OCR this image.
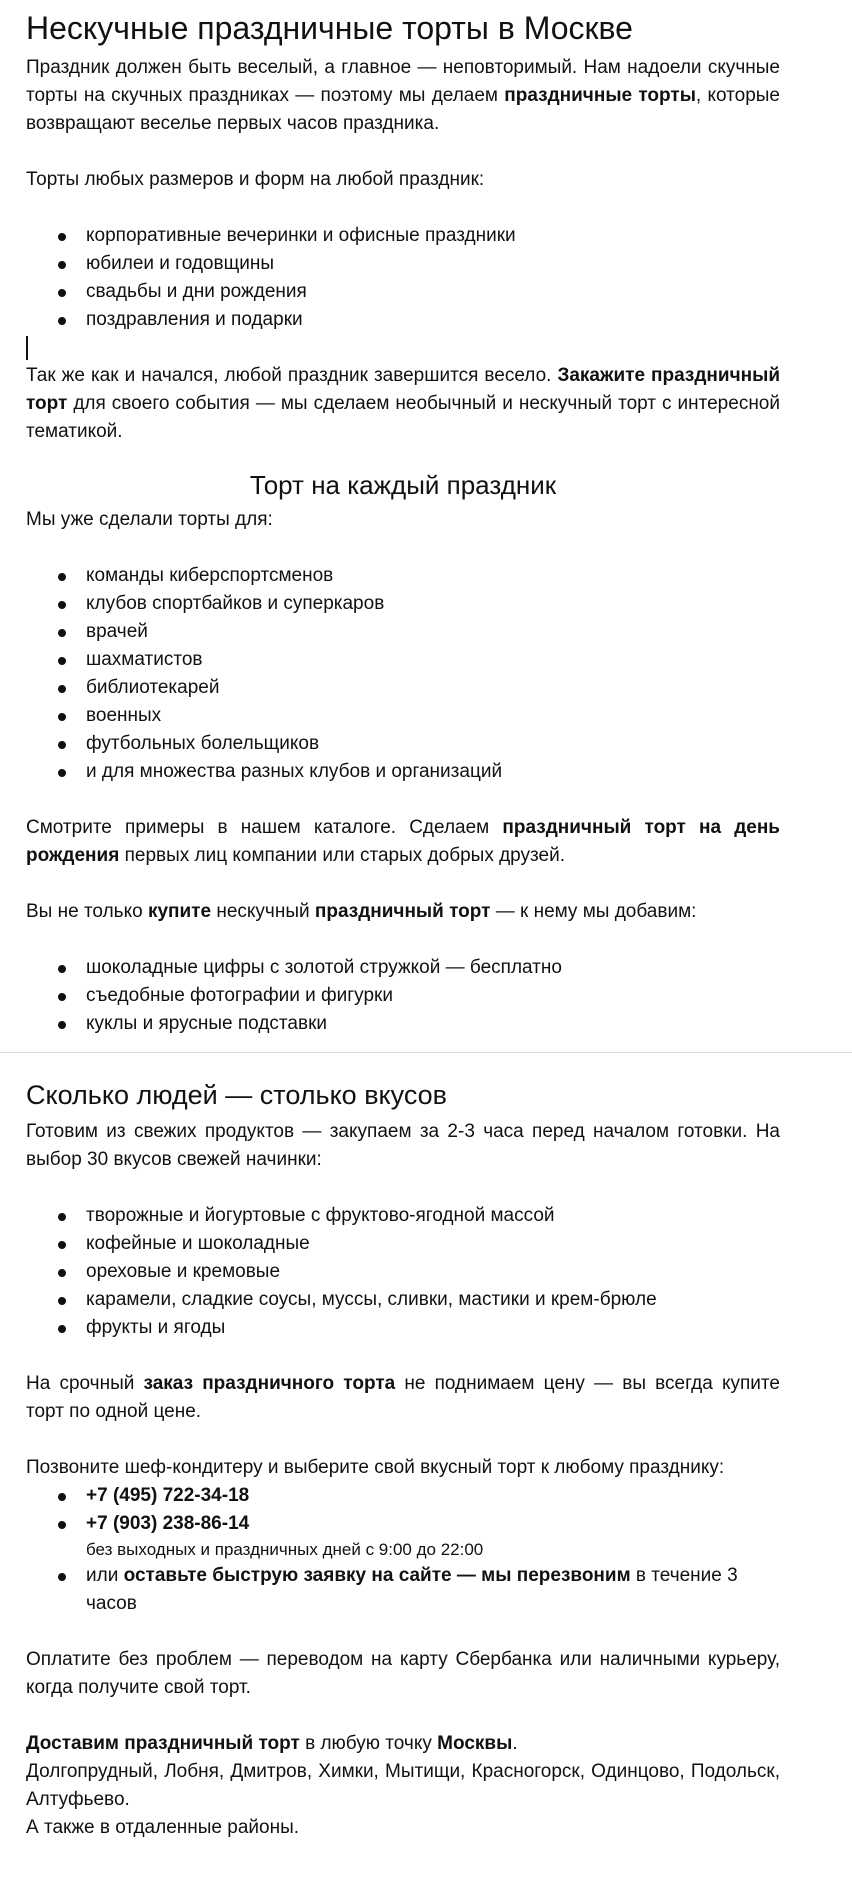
Нескучные праздничные торты в Москве

Праздник должен быть веселый, а главное — неповторимый. Нам надоели скучные торты на скучных праздниках — поэтому мы делаем праздничные торты, которые возвращают веселье первых часов праздника.

Торты любых размеров и форм на любой праздник:

корпоративные вечеринки и офисные праздники
юбилеи и годовщины
свадьбы и дни рождения
поздравления и подарки

Так же как и начался, любой праздник завершится весело. Закажите праздничный торт для своего события — мы сделаем необычный и нескучный торт с интересной тематикой.

Торт на каждый праздник

Мы уже сделали торты для:

команды киберспортсменов
клубов спортбайков и суперкаров
врачей
шахматистов
библиотекарей
военных
футбольных болельщиков
и для множества разных клубов и организаций

Смотрите примеры в нашем каталоге. Сделаем праздничный торт на день рождения первых лиц компании или старых добрых друзей.

Вы не только купите нескучный праздничный торт — к нему мы добавим:

шоколадные цифры с золотой стружкой — бесплатно
съедобные фотографии и фигурки
куклы и ярусные подставки
Сколько людей — столько вкусов

Готовим из свежих продуктов — закупаем за 2-3 часа перед началом готовки. На выбор 30 вкусов свежей начинки:

творожные и йогуртовые с фруктово-ягодной массой
кофейные и шоколадные
ореховые и кремовые
карамели, сладкие соусы, муссы, сливки, мастики и крем-брюле
фрукты и ягоды

На срочный заказ праздничного торта не поднимаем цену — вы всегда купите торт по одной цене.

Позвоните шеф-кондитеру и выберите свой вкусный торт к любому празднику:

+7 (495) 722-34-18
+7 (903) 238-86-14
без выходных и праздничных дней с 9:00 до 22:00
или оставьте быструю заявку на сайте — мы перезвоним в течение 3 часов

Оплатите без проблем — переводом на карту Сбербанка или наличными курьеру, когда получите свой торт.

Доставим праздничный торт в любую точку Москвы.

Долгопрудный, Лобня, Дмитров, Химки, Мытищи, Красногорск, Одинцово, Подольск, Алтуфьево.

А также в отдаленные районы.
